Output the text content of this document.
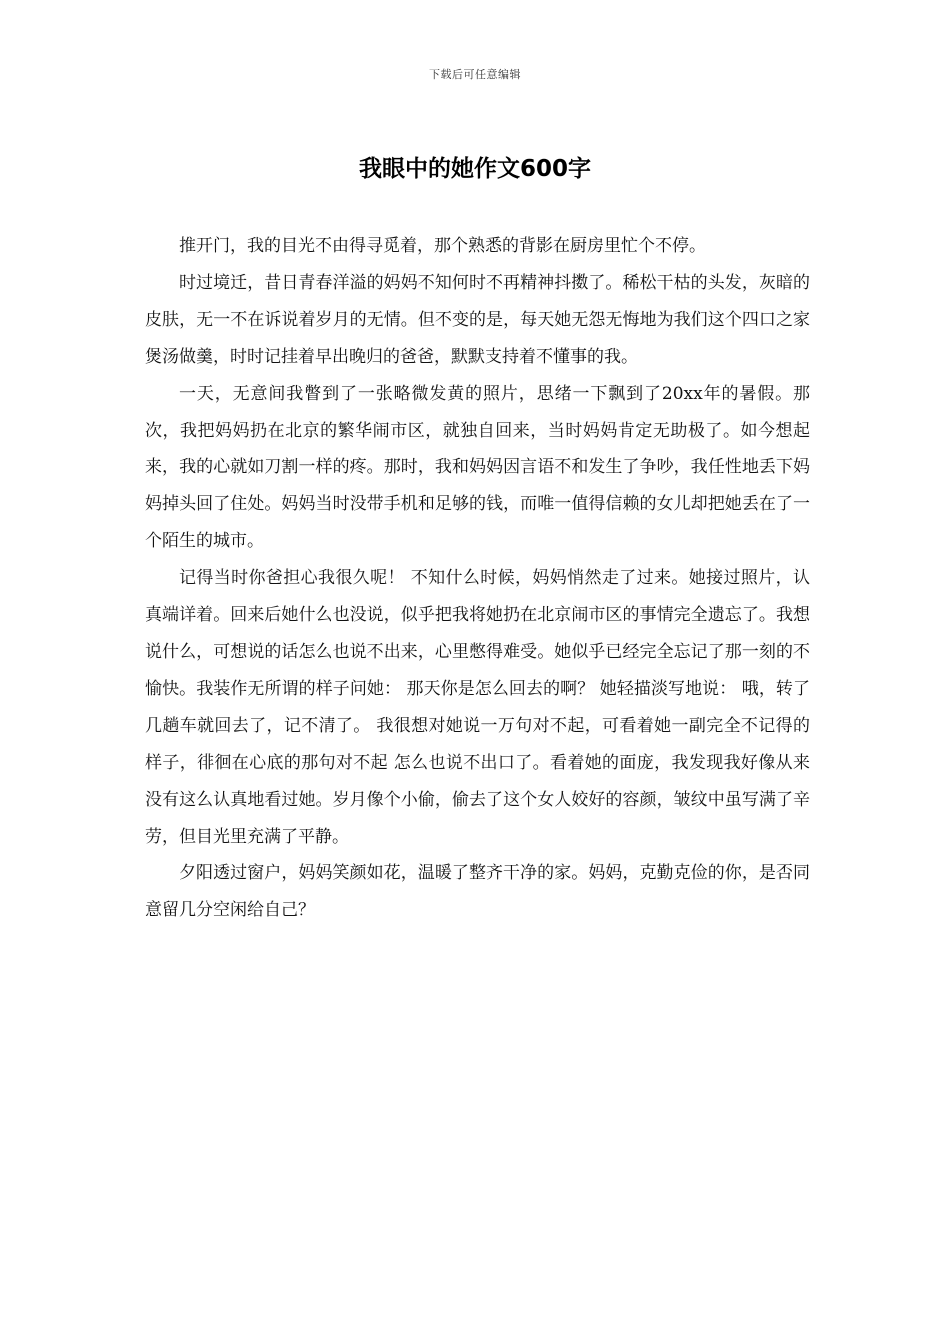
下载后可任意编辑
我眼中的她作文600字

推开门，我的目光不由得寻觅着，那个熟悉的背影在厨房里忙个不停。

时过境迁，昔日青春洋溢的妈妈不知何时不再精神抖擞了。稀松干枯的头发，灰暗的皮肤，无一不在诉说着岁月的无情。但不变的是，每天她无怨无悔地为我们这个四口之家煲汤做羹，时时记挂着早出晚归的爸爸，默默支持着不懂事的我。

一天，无意间我瞥到了一张略微发黄的照片，思绪一下飘到了20xx年的暑假。那次，我把妈妈扔在北京的繁华闹市区，就独自回来，当时妈妈肯定无助极了。如今想起来，我的心就如刀割一样的疼。那时，我和妈妈因言语不和发生了争吵，我任性地丢下妈妈掉头回了住处。妈妈当时没带手机和足够的钱，而唯一值得信赖的女儿却把她丢在了一个陌生的城市。

记得当时你爸担心我很久呢！ 不知什么时候，妈妈悄然走了过来。她接过照片，认真端详着。回来后她什么也没说，似乎把我将她扔在北京闹市区的事情完全遗忘了。我想说什么，可想说的话怎么也说不出来，心里憋得难受。她似乎已经完全忘记了那一刻的不愉快。我装作无所谓的样子问她： 那天你是怎么回去的啊？ 她轻描淡写地说： 哦，转了几趟车就回去了，记不清了。 我很想对她说一万句对不起，可看着她一副完全不记得的样子，徘徊在心底的那句对不起 怎么也说不出口了。看着她的面庞，我发现我好像从来没有这么认真地看过她。岁月像个小偷，偷去了这个女人姣好的容颜，皱纹中虽写满了辛劳，但目光里充满了平静。

夕阳透过窗户，妈妈笑颜如花，温暖了整齐干净的家。妈妈，克勤克俭的你，是否同意留几分空闲给自己？
